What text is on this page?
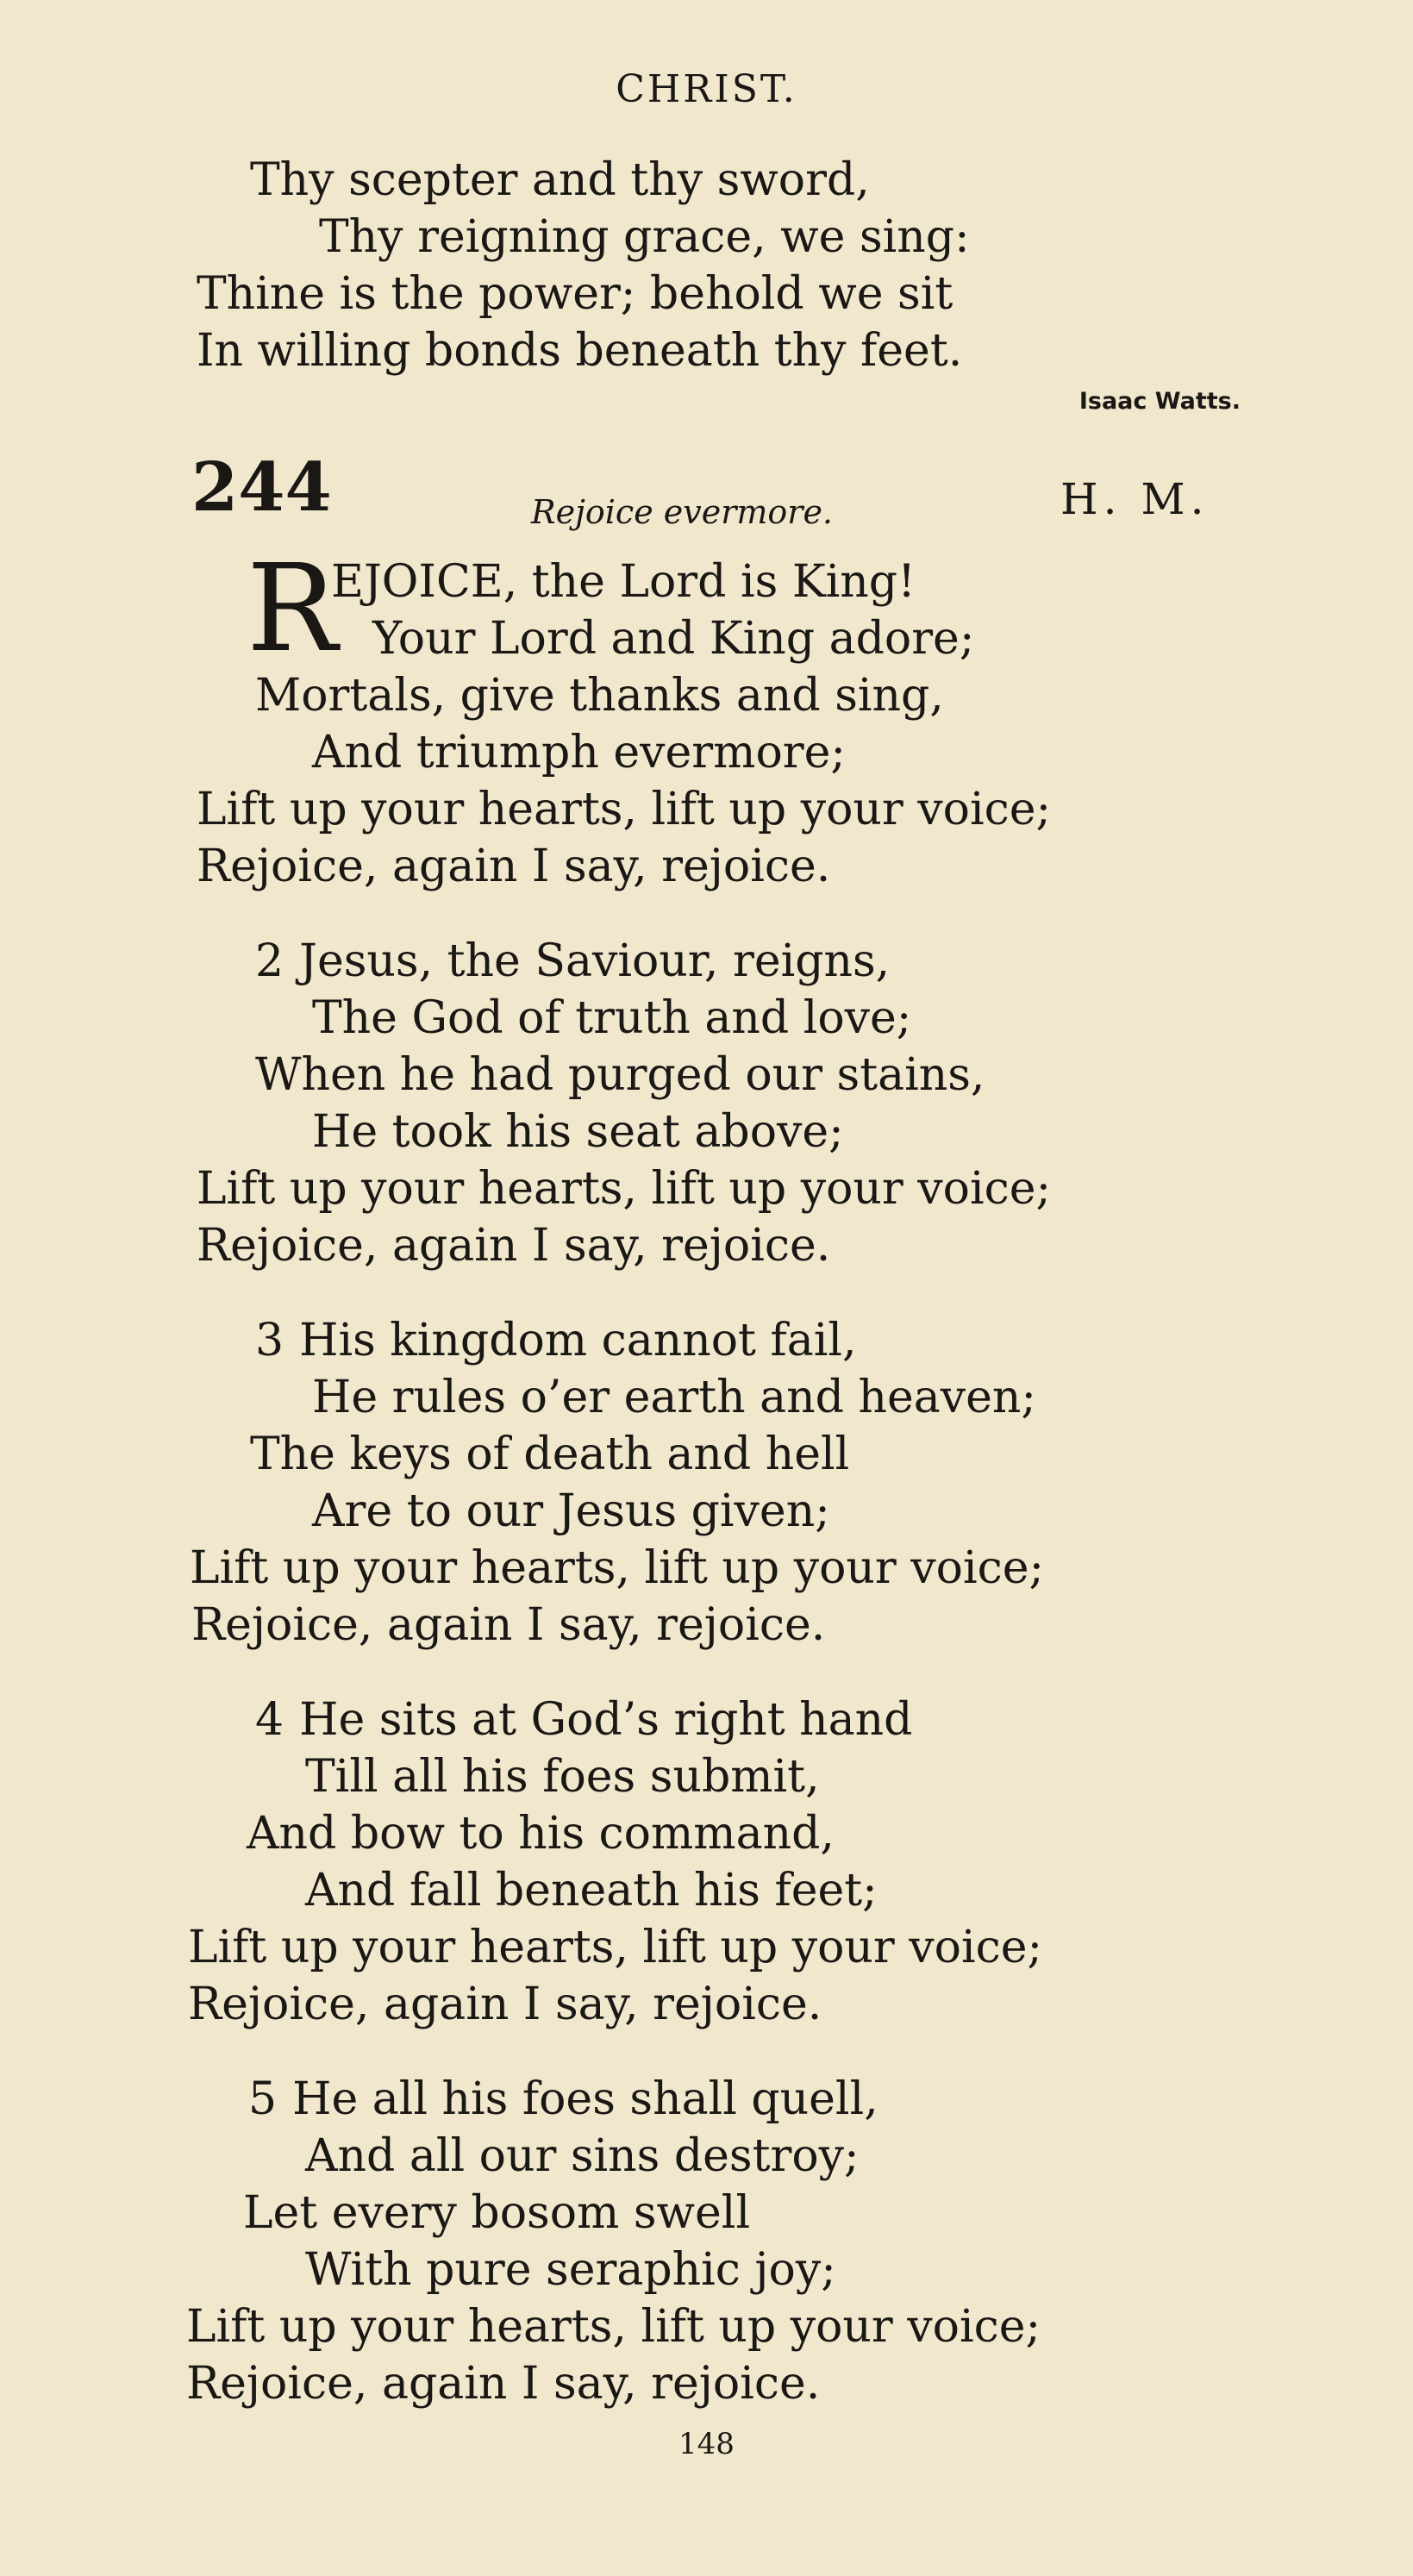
CHRIST.
Thy scepter and thy sword,
Thy reigning grace, we sing:
Thine is the power; behold we sit
In willing bonds beneath thy feet.
Isaac Watts.
244	Rejoice evermore.	H. M.
R
EJOICE, the Lord is King!
Your Lord and King adore;
Mortals, give thanks and sing,
And triumph evermore;
Lift up your hearts, lift up your voice;
Rejoice, again I say, rejoice.
2 Jesus, the Saviour, reigns,
The God of truth and love;
When he had purged our stains,
He took his seat above;
Lift up your hearts, lift up your voice;
Rejoice, again I say, rejoice.
3 His kingdom cannot fail,
He rules o’er earth and heaven;
The keys of death and hell
Are to our Jesus given;
Lift up your hearts, lift up your voice;
Rejoice, again I say, rejoice.
4 He sits at God’s right hand
Till all his foes submit,
And bow to his command,
And fall beneath his feet;
Lift up your hearts, lift up your voice;
Rejoice, again I say, rejoice.
5 He all his foes shall quell,
And all our sins destroy;
Let every bosom swell
With pure seraphic joy;
Lift up your hearts, lift up your voice;
Rejoice, again I say, rejoice.
148
